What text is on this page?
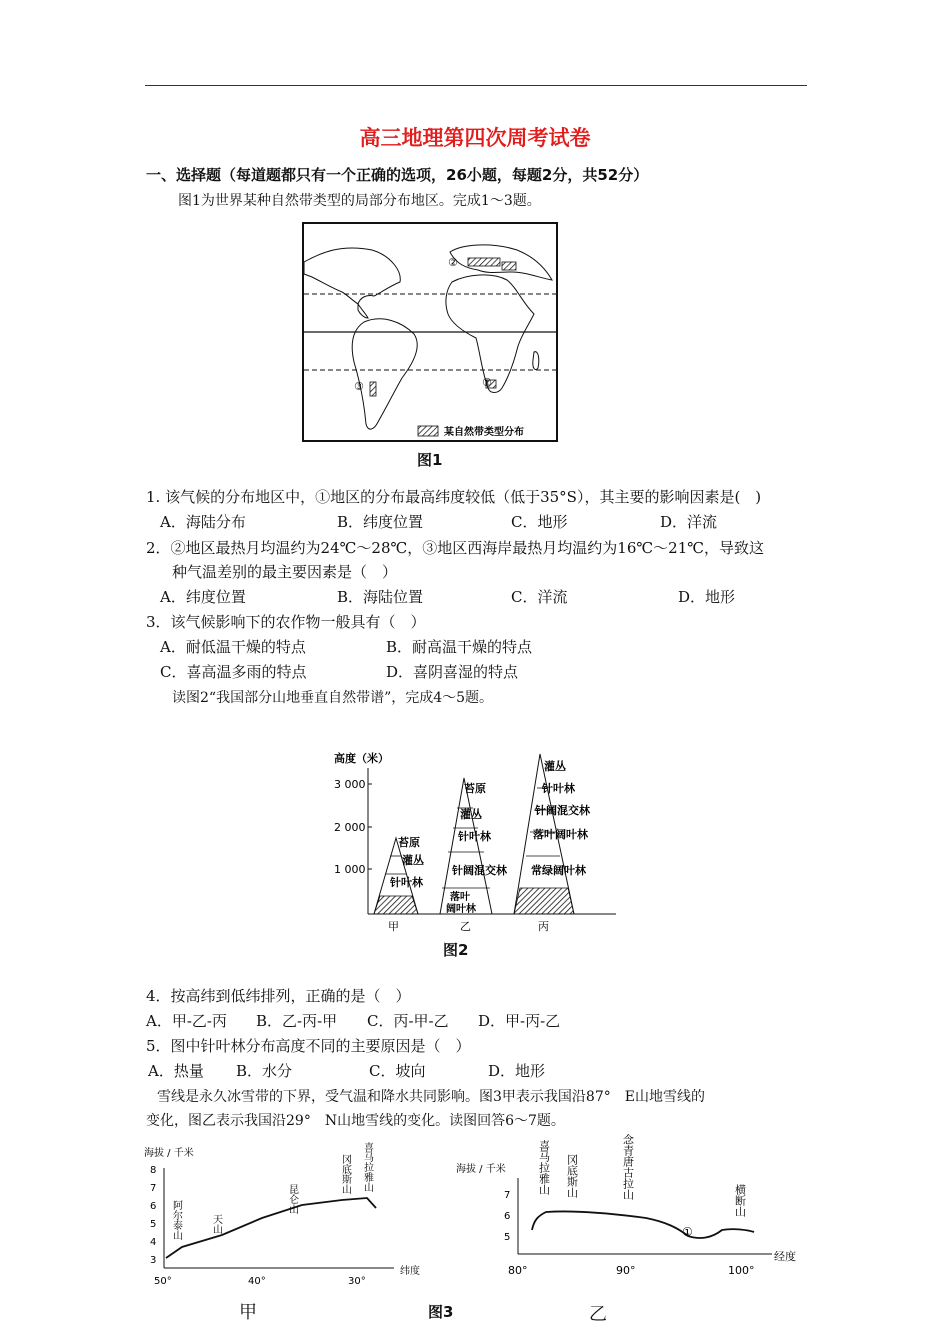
高三地理第四次周考试卷
一、选择题（每道题都只有一个正确的选项，26小题，每题2分，共52分）
图1为世界某种自然带类型的局部分布地区。完成1～3题。
某自然带类型分布
②
①
③
图1
1. 该气候的分布地区中，①地区的分布最高纬度较低（低于35°S），其主要的影响因素是(　)
A．海陆分布	B．纬度位置	C．地形	D．洋流
2．②地区最热月均温约为24℃～28℃，③地区西海岸最热月均温约为16℃～21℃，导致这
种气温差别的最主要因素是（　）
A．纬度位置	B．海陆位置	C．洋流	D．地形
3．该气候影响下的农作物一般具有（　）
A．耐低温干燥的特点	B．耐高温干燥的特点
C．喜高温多雨的特点	D．喜阴喜湿的特点
读图2“我国部分山地垂直自然带谱”，完成4～5题。
高度（米）
3 000
2 000
1 000
针叶林
灌丛
苔原
甲
落叶
阔叶林
针阔混交林
针叶林
灌丛
苔原
乙
常绿阔叶林
落叶阔叶林
针阔混交林
针叶林
灌丛
丙
图2
4．按高纬到低纬排列，正确的是（　）
A．甲-乙-丙 B．乙-丙-甲 C．丙-甲-乙 D．甲-丙-乙
5．图中针叶林分布高度不同的主要原因是（　）
A．热量 B．水分	C．坡向	D．地形
雪线是永久冰雪带的下界，受气温和降水共同影响。图3甲表示我国沿87°　E山地雪线的
变化，图乙表示我国沿29°　N山地雪线的变化。读图回答6～7题。
海拔 / 千米
8
7
6
5
4
3
50°	40°	30°
纬度
阿尔泰山	天山
昆仑山
冈底斯山 喜马拉雅山	海拔 / 千米
7
6
5	①
80°	90°	100°
经度
喜马拉雅山 冈底斯山	念青唐古拉山
横断山
甲	图3	乙
